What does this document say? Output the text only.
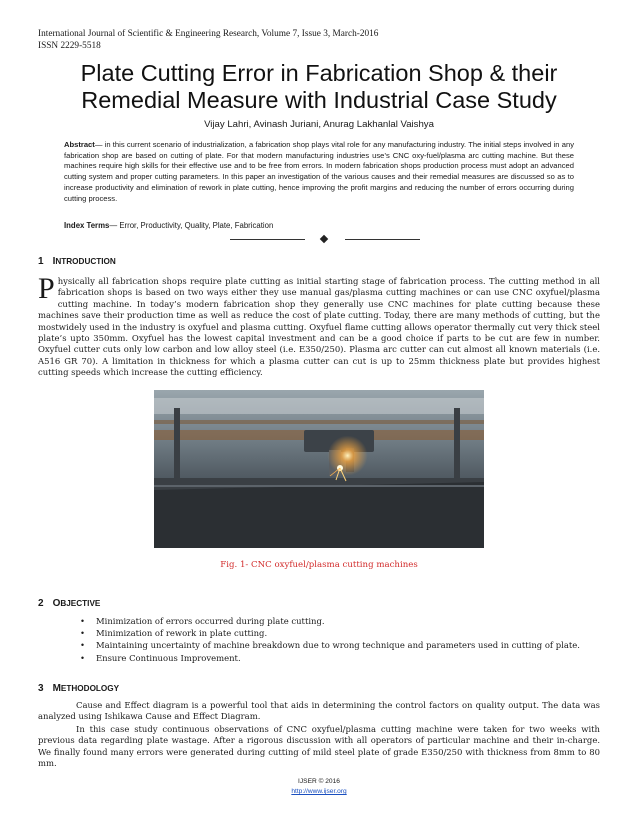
International Journal of Scientific & Engineering Research, Volume 7, Issue 3, March-2016
ISSN 2229-5518
Plate Cutting Error in Fabrication Shop & their
Remedial Measure with Industrial Case Study
Vijay Lahri, Avinash Juriani, Anurag Lakhanlal Vaishya
Abstract— in this current scenario of industrialization, a fabrication shop plays vital role for any manufacturing industry. The initial steps involved in any fabrication shop are based on cutting of plate. For that modern manufacturing industries use’s CNC oxy-fuel/plasma arc cutting machine. But these machines require high skills for their effective use and to be free from errors. In modern fabrication shops production process must adopt an advanced cutting system and proper cutting parameters. In this paper an investigation of the various causes and their remedial measures are discussed so as to increase productivity and elimination of rework in plate cutting, hence improving the profit margins and reducing the number of errors occurring during cutting process.
Index Terms— Error, Productivity, Quality, Plate, Fabrication
1 INTRODUCTION
Physically all fabrication shops require plate cutting as initial starting stage of fabrication process. The cutting method in all fabrication shops is based on two ways either they use manual gas/plasma cutting machines or can use CNC oxyfuel/plasma cutting machine. In today’s modern fabrication shop they generally use CNC machines for plate cutting because these machines save their production time as well as reduce the cost of plate cutting. Today, there are many methods of cutting, but the mostwidely used in the industry is oxyfuel and plasma cutting. Oxyfuel flame cutting allows operator thermally cut very thick steel plate’s upto 350mm. Oxyfuel has the lowest capital investment and can be a good choice if parts to be cut are few in number. Oxyfuel cutter cuts only low carbon and low alloy steel (i.e. E350/250). Plasma arc cutter can cut almost all known materials (i.e. A516 GR 70). A limitation in thickness for which a plasma cutter can cut is up to 25mm thickness plate but provides highest cutting speeds which increase the cutting efficiency.
Fig. 1- CNC oxyfuel/plasma cutting machines
2 OBJECTIVE
• Minimization of errors occurred during plate cutting.
• Minimization of rework in plate cutting.
• Maintaining uncertainty of machine breakdown due to wrong technique and parameters used in cutting of plate.
• Ensure Continuous Improvement.
3 METHODOLOGY
Cause and Effect diagram is a powerful tool that aids in determining the control factors on quality output. The data was analyzed using Ishikawa Cause and Effect Diagram.
In this case study continuous observations of CNC oxyfuel/plasma cutting machine were taken for two weeks with previous data regarding plate wastage. After a rigorous discussion with all operators of particular machine and their in-charge. We finally found many errors were generated during cutting of mild steel plate of grade E350/250 with thickness from 8mm to 80 mm.
IJSER © 2016
http://www.ijser.org
